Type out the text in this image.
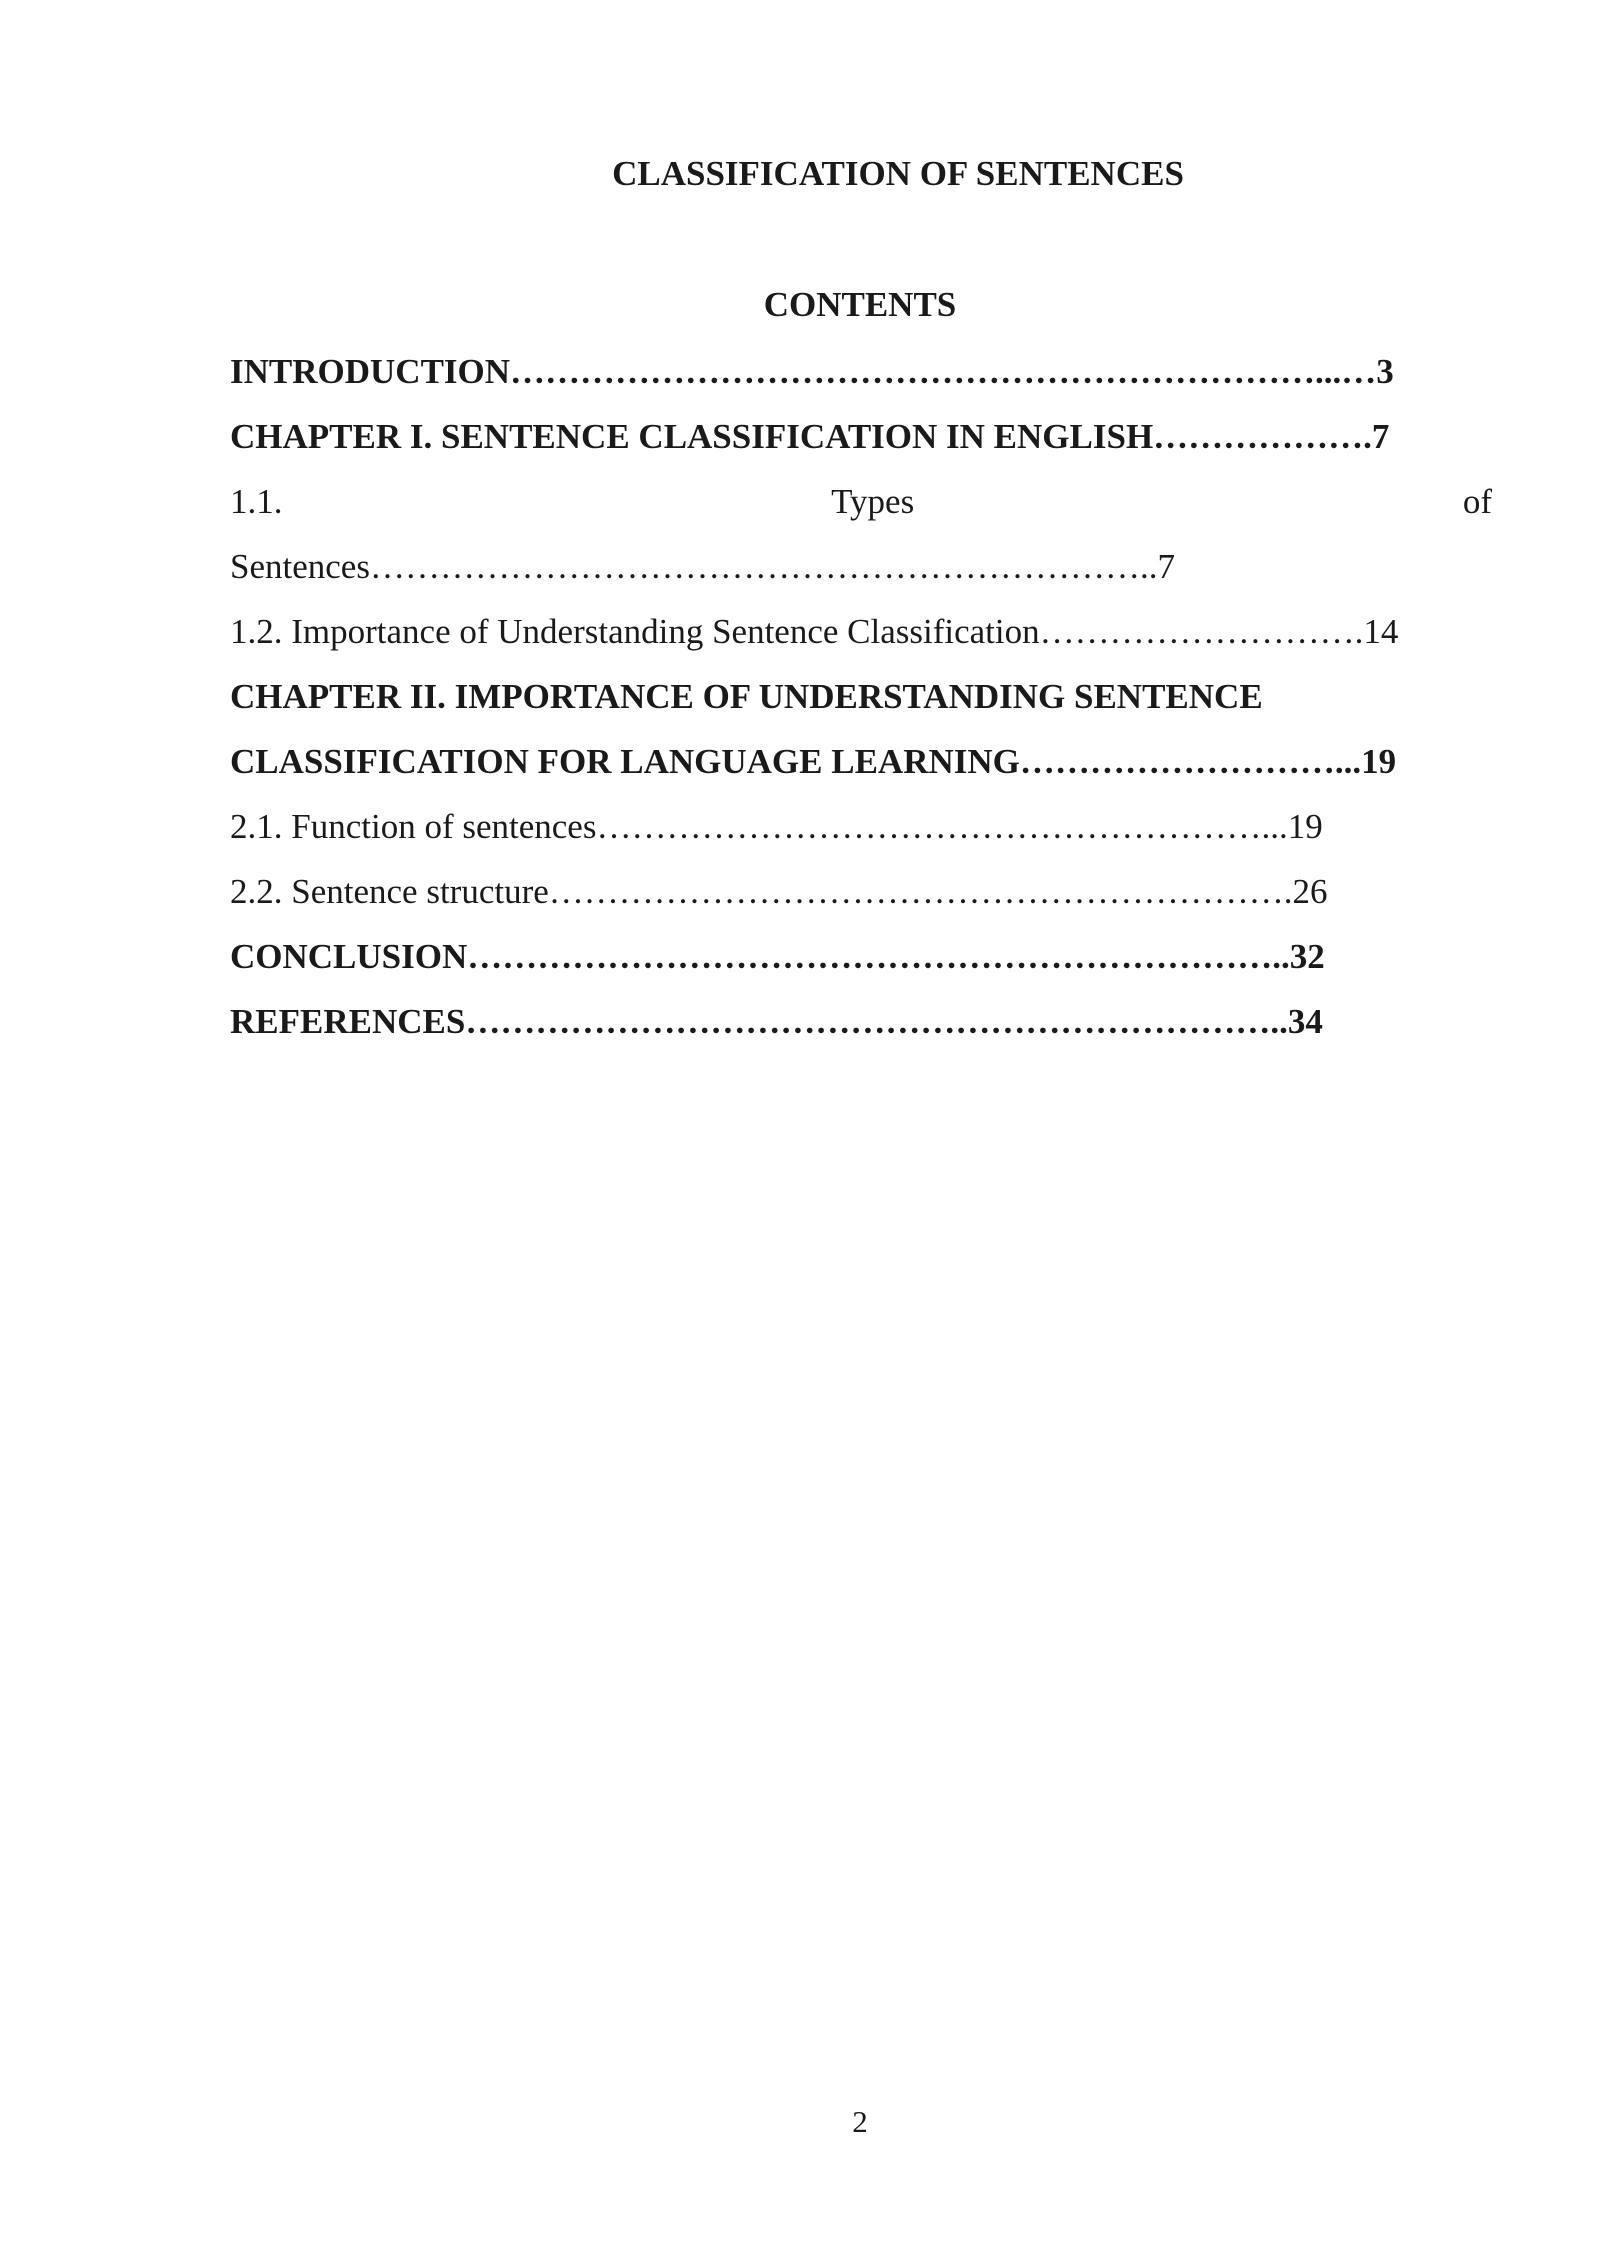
CLASSIFICATION OF SENTENCES
CONTENTS

INTRODUCTION……………………………………………………………...…3

CHAPTER I. SENTENCE CLASSIFICATION IN ENGLISH……………….7

1.1.	Types	of

Sentences…………………………………………………………..7

1.2. Importance of Understanding Sentence Classification……………………….14

CHAPTER II. IMPORTANCE OF UNDERSTANDING SENTENCE

CLASSIFICATION FOR LANGUAGE LEARNING………………………...19

2.1. Function of sentences…………………………………………………...19

2.2. Sentence structure……………………………………………………….26

CONCLUSION……………………………………………………………..32

REFERENCES……………………………………………………………..34

2
